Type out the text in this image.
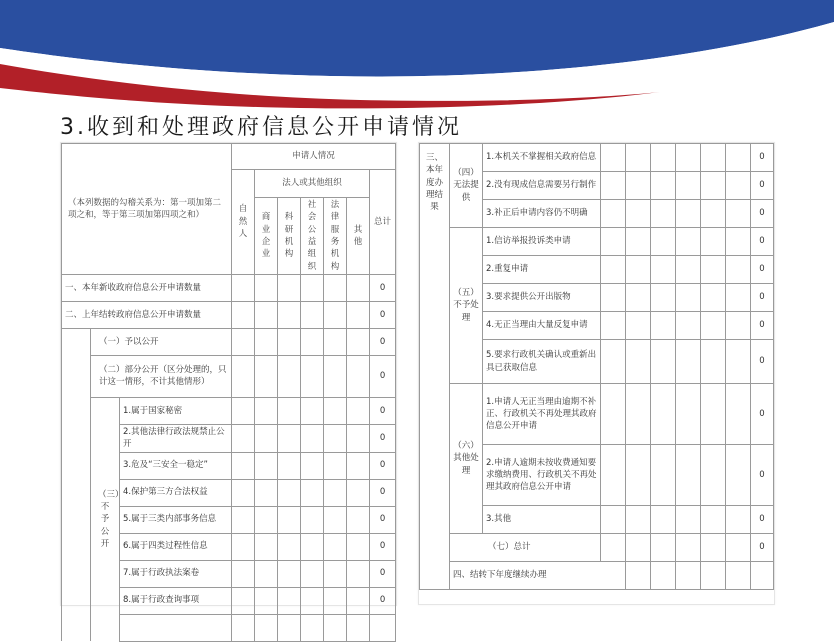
3.收到和处理政府信息公开申请情况
（本列数据的勾稽关系为：第一项加第二项之和，等于第三项加第四项之和）			申请人情况						
			自然人	法人或其他组织					总计
				商业企业	科研机构	社会公益组织	法律服务机构	其他	
一、本年新收政府信息公开申请数量									0
二、上年结转政府信息公开申请数量									0
	（一）予以公开								0
	（二）部分公开（区分处理的，只计这一情形，不计其他情形）								0
	（三）不予公开	1.属于国家秘密							0
		2.其他法律行政法规禁止公开							0
		3.危及“三安全一稳定”							0
		4.保护第三方合法权益							0
		5.属于三类内部事务信息							0
		6.属于四类过程性信息							0
		7.属于行政执法案卷							0
		8.属于行政查询事项							0

三、本年度办理结果	（四）无法提供	1.本机关不掌握相关政府信息							0	
		2.没有现成信息需要另行制作							0	
		3.补正后申请内容仍不明确							0	
	（五）不予处理	1.信访举报投诉类申请							0	
		2.重复申请							0	
		3.要求提供公开出版物							0	
		4.无正当理由大量反复申请							0	
		5.要求行政机关确认或重新出具已获取信息							0	
	（六）其他处理	1.申请人无正当理由逾期不补正、行政机关不再处理其政府信息公开申请							0	
		2.申请人逾期未按收费通知要求缴纳费用、行政机关不再处理其政府信息公开申请							0	
		3.其他							0	
	（七）总计								0	
	四、结转下年度继续办理							
